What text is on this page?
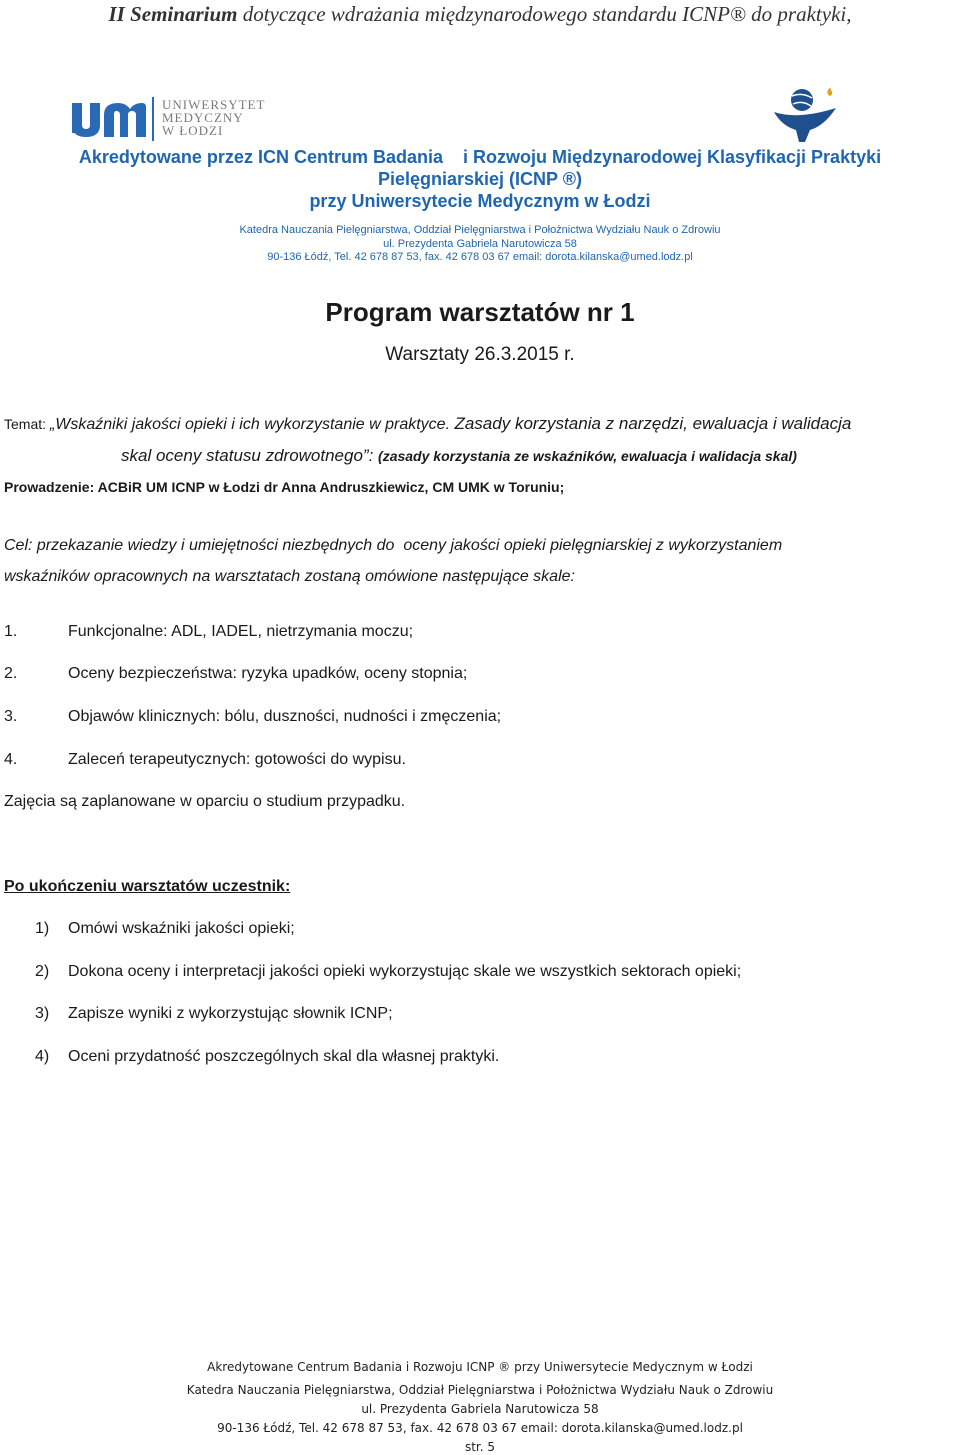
II Seminarium dotyczące wdrażania międzynarodowego standardu ICNP® do praktyki,
UNIWERSYTET
MEDYCZNY
W ŁODZI
Akredytowane przez ICN Centrum Badania    i Rozwoju Międzynarodowej Klasyfikacji Praktyki
Pielęgniarskiej (ICNP ®)
przy Uniwersytecie Medycznym w Łodzi
Katedra Nauczania Pielęgniarstwa, Oddział Pielęgniarstwa i Położnictwa Wydziału Nauk o Zdrowiu
ul. Prezydenta Gabriela Narutowicza 58
90-136 Łódź, Tel. 42 678 87 53, fax. 42 678 03 67 email: dorota.kilanska@umed.lodz.pl
Program warsztatów nr 1
Warsztaty 26.3.2015 r.
Temat: „Wskaźniki jakości opieki i ich wykorzystanie w praktyce. Zasady korzystania z narzędzi, ewaluacja i walidacja
skal oceny statusu zdrowotnego”: (zasady korzystania ze wskaźników, ewaluacja i walidacja skal)
Prowadzenie: ACBiR UM ICNP w Łodzi dr Anna Andruszkiewicz, CM UMK w Toruniu;
Cel: przekazanie wiedzy i umiejętności niezbędnych do  oceny jakości opieki pielęgniarskiej z wykorzystaniem
wskaźników opracownych na warsztatach zostaną omówione następujące skale:
1.	Funkcjonalne: ADL, IADEL, nietrzymania moczu;
2.	Oceny bezpieczeństwa: ryzyka upadków, oceny stopnia;
3.	Objawów klinicznych: bólu, duszności, nudności i zmęczenia;
4.	Zaleceń terapeutycznych: gotowości do wypisu.
Zajęcia są zaplanowane w oparciu o studium przypadku.
Po ukończeniu warsztatów uczestnik:
1) Omówi wskaźniki jakości opieki;
2) Dokona oceny i interpretacji jakości opieki wykorzystując skale we wszystkich sektorach opieki;
3) Zapisze wyniki z wykorzystując słownik ICNP;
4) Oceni przydatność poszczególnych skal dla własnej praktyki.
Akredytowane Centrum Badania i Rozwoju ICNP ® przy Uniwersytecie Medycznym w Łodzi
Katedra Nauczania Pielęgniarstwa, Oddział Pielęgniarstwa i Położnictwa Wydziału Nauk o Zdrowiu
ul. Prezydenta Gabriela Narutowicza 58
90-136 Łódź, Tel. 42 678 87 53, fax. 42 678 03 67 email: dorota.kilanska@umed.lodz.pl
str. 5
